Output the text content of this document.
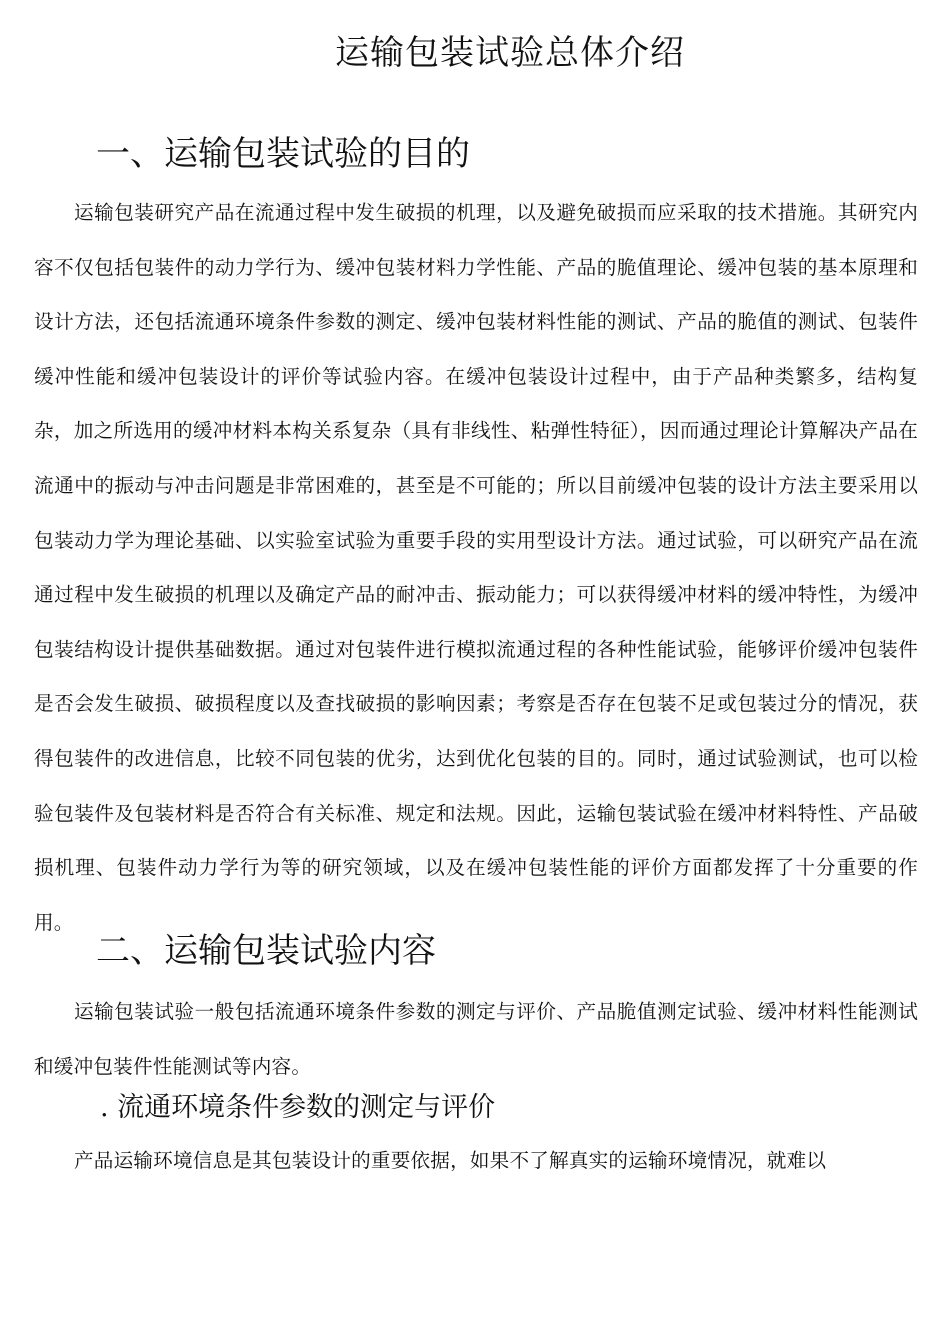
运输包装试验总体介绍
一、运输包装试验的目的

运输包装研究产品在流通过程中发生破损的机理，以及避免破损而应采取的技术措施。其研究内容不仅包括包装件的动力学行为、缓冲包装材料力学性能、产品的脆值理论、缓冲包装的基本原理和设计方法，还包括流通环境条件参数的测定、缓冲包装材料性能的测试、产品的脆值的测试、包装件缓冲性能和缓冲包装设计的评价等试验内容。在缓冲包装设计过程中，由于产品种类繁多，结构复杂，加之所选用的缓冲材料本构关系复杂（具有非线性、粘弹性特征），因而通过理论计算解决产品在流通中的振动与冲击问题是非常困难的，甚至是不可能的；所以目前缓冲包装的设计方法主要采用以包装动力学为理论基础、以实验室试验为重要手段的实用型设计方法。通过试验，可以研究产品在流通过程中发生破损的机理以及确定产品的耐冲击、振动能力；可以获得缓冲材料的缓冲特性，为缓冲包装结构设计提供基础数据。通过对包装件进行模拟流通过程的各种性能试验，能够评价缓冲包装件是否会发生破损、破损程度以及查找破损的影响因素；考察是否存在包装不足或包装过分的情况，获得包装件的改进信息，比较不同包装的优劣，达到优化包装的目的。同时，通过试验测试，也可以检验包装件及包装材料是否符合有关标准、规定和法规。因此，运输包装试验在缓冲材料特性、产品破损机理、包装件动力学行为等的研究领域，以及在缓冲包装性能的评价方面都发挥了十分重要的作用。

二、运输包装试验内容

运输包装试验一般包括流通环境条件参数的测定与评价、产品脆值测定试验、缓冲材料性能测试和缓冲包装件性能测试等内容。

. 流通环境条件参数的测定与评价

产品运输环境信息是其包装设计的重要依据，如果不了解真实的运输环境情况，就难以
